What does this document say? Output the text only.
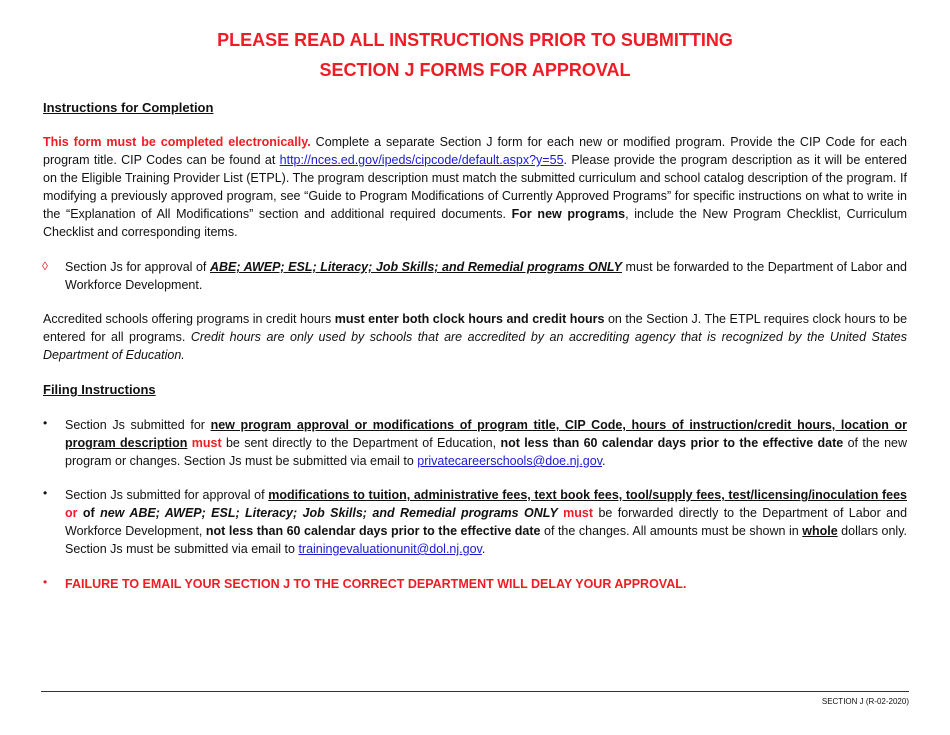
PLEASE READ ALL INSTRUCTIONS PRIOR TO SUBMITTING
SECTION J FORMS FOR APPROVAL
Instructions for Completion
This form must be completed electronically. Complete a separate Section J form for each new or modified program. Provide the CIP Code for each program title. CIP Codes can be found at http://nces.ed.gov/ipeds/cipcode/default.aspx?y=55. Please provide the program description as it will be entered on the Eligible Training Provider List (ETPL). The program description must match the submitted curriculum and school catalog description of the program. If modifying a previously approved program, see “Guide to Program Modifications of Currently Approved Programs” for specific instructions on what to write in the “Explanation of All Modifications” section and additional required documents. For new programs, include the New Program Checklist, Curriculum Checklist and corresponding items.
◊ Section Js for approval of ABE; AWEP; ESL; Literacy; Job Skills; and Remedial programs ONLY must be forwarded to the Department of Labor and Workforce Development.
Accredited schools offering programs in credit hours must enter both clock hours and credit hours on the Section J. The ETPL requires clock hours to be entered for all programs. Credit hours are only used by schools that are accredited by an accrediting agency that is recognized by the United States Department of Education.
Filing Instructions
• Section Js submitted for new program approval or modifications of program title, CIP Code, hours of instruction/credit hours, location or program description must be sent directly to the Department of Education, not less than 60 calendar days prior to the effective date of the new program or changes. Section Js must be submitted via email to privatecareerschools@doe.nj.gov.
• Section Js submitted for approval of modifications to tuition, administrative fees, text book fees, tool/supply fees, test/licensing/inoculation fees or of new ABE; AWEP; ESL; Literacy; Job Skills; and Remedial programs ONLY must be forwarded directly to the Department of Labor and Workforce Development, not less than 60 calendar days prior to the effective date of the changes. All amounts must be shown in whole dollars only. Section Js must be submitted via email to trainingevaluationunit@dol.nj.gov.
• FAILURE TO EMAIL YOUR SECTION J TO THE CORRECT DEPARTMENT WILL DELAY YOUR APPROVAL.
SECTION J (R-02-2020)
